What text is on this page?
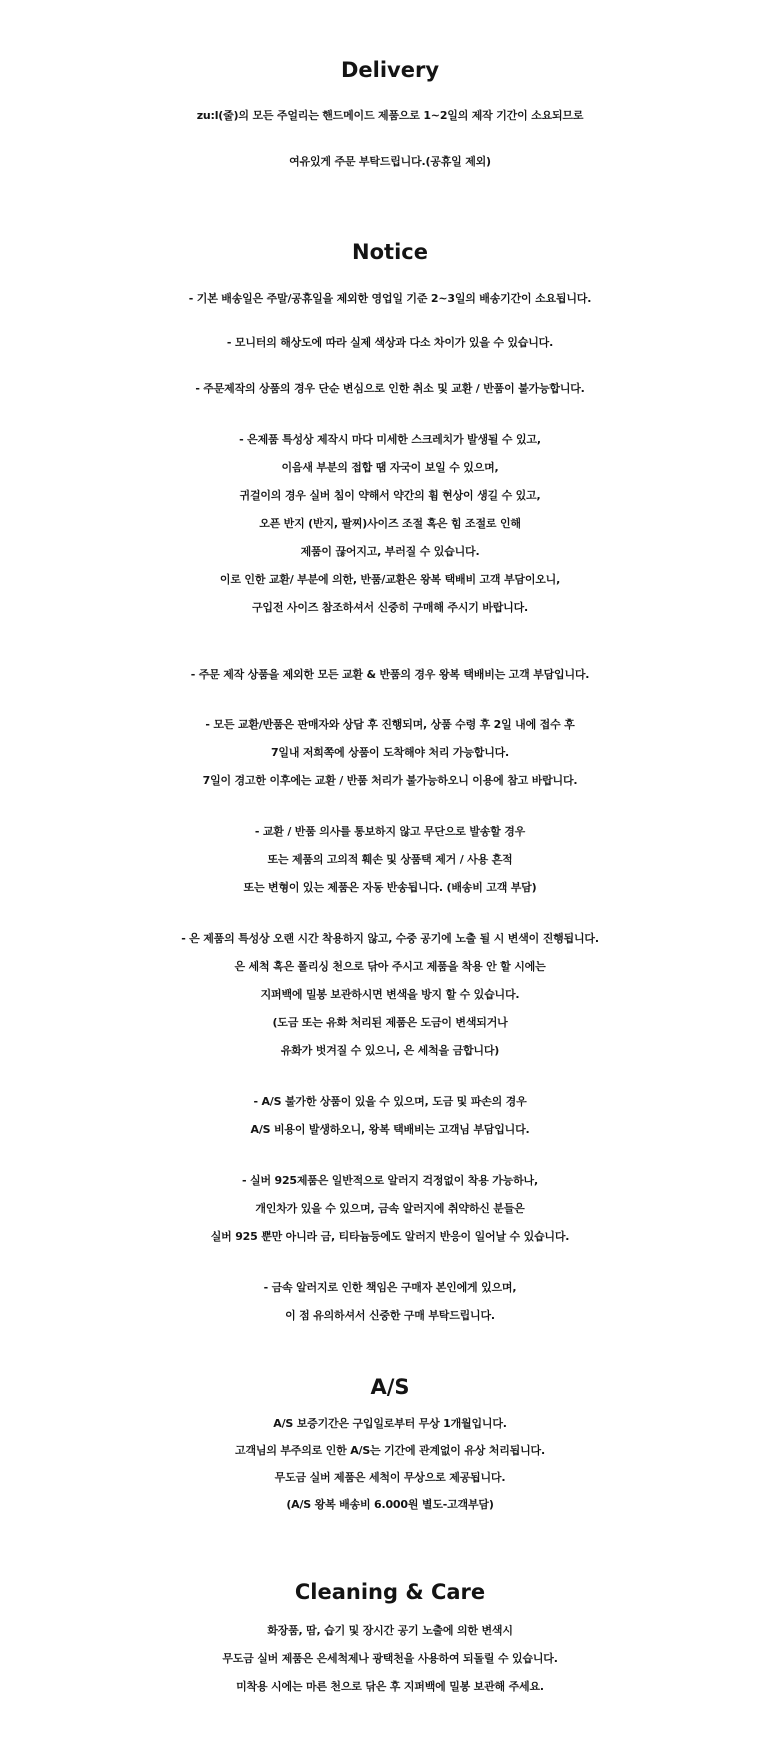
Delivery
zu:l(줄)의 모든 주얼리는 핸드메이드 제품으로 1~2일의 제작 기간이 소요되므로
여유있게 주문 부탁드립니다.(공휴일 제외)
Notice
- 기본 배송일은 주말/공휴일을 제외한 영업일 기준 2~3일의 배송기간이 소요됩니다.
- 모니터의 해상도에 따라 실제 색상과 다소 차이가 있을 수 있습니다.
- 주문제작의 상품의 경우 단순 변심으로 인한 취소 및 교환 / 반품이 불가능합니다.
- 은제품 특성상 제작시 마다 미세한 스크레치가 발생될 수 있고,
이음새 부분의 접합 땜 자국이 보일 수 있으며,
귀걸이의 경우 실버 침이 약해서 약간의 휨 현상이 생길 수 있고,
오픈 반지 (반지, 팔찌)사이즈 조절 혹은 힘 조절로 인해
제품이 끊어지고, 부러질 수 있습니다.
이로 인한 교환/ 부분에 의한, 반품/교환은 왕복 택배비 고객 부담이오니,
구입전 사이즈 참조하셔서 신중히 구매해 주시기 바랍니다.
- 주문 제작 상품을 제외한 모든 교환 & 반품의 경우 왕복 택배비는 고객 부담입니다.
- 모든 교환/반품은 판매자와 상담 후 진행되며, 상품 수령 후 2일 내에 접수 후
7일내 저희쪽에 상품이 도착해야 처리 가능합니다.
7일이 경고한 이후에는 교환 / 반품 처리가 불가능하오니 이용에 참고 바랍니다.
- 교환 / 반품 의사를 통보하지 않고 무단으로 발송할 경우
또는 제품의 고의적 훼손 및 상품택 제거 / 사용 흔적
또는 변형이 있는 제품은 자동 반송됩니다. (배송비 고객 부담)
- 은 제품의 특성상 오랜 시간 착용하지 않고, 수중 공기에 노출 될 시 변색이 진행됩니다.
은 세척 혹은 폴리싱 천으로 닦아 주시고 제품을 착용 안 할 시에는
지퍼백에 밀봉 보관하시면 변색을 방지 할 수 있습니다.
(도금 또는 유화 처리된 제품은 도금이 변색되거나
유화가 벗겨질 수 있으니, 은 세척을 금합니다)
- A/S 불가한 상품이 있을 수 있으며, 도금 및 파손의 경우
A/S 비용이 발생하오니, 왕복 택배비는 고객님 부담입니다.
- 실버 925제품은 일반적으로 알러지 걱정없이 착용 가능하나,
개인차가 있을 수 있으며, 금속 알러지에 취약하신 분들은
실버 925 뿐만 아니라 금, 티타늄등에도 알러지 반응이 일어날 수 있습니다.
- 금속 알러지로 인한 책임은 구매자 본인에게 있으며,
이 점 유의하셔서 신중한 구매 부탁드립니다.
A/S
A/S 보증기간은 구입일로부터 무상 1개월입니다.
고객님의 부주의로 인한 A/S는 기간에 관계없이 유상 처리됩니다.
무도금 실버 제품은 세척이 무상으로 제공됩니다.
(A/S 왕복 배송비 6.000원 별도-고객부담)
Cleaning & Care
화장품, 땀, 습기 및 장시간 공기 노출에 의한 변색시
무도금 실버 제품은 은세척제나 광택천을 사용하여 되돌릴 수 있습니다.
미착용 시에는 마른 천으로 닦은 후 지퍼백에 밀봉 보관해 주세요.
